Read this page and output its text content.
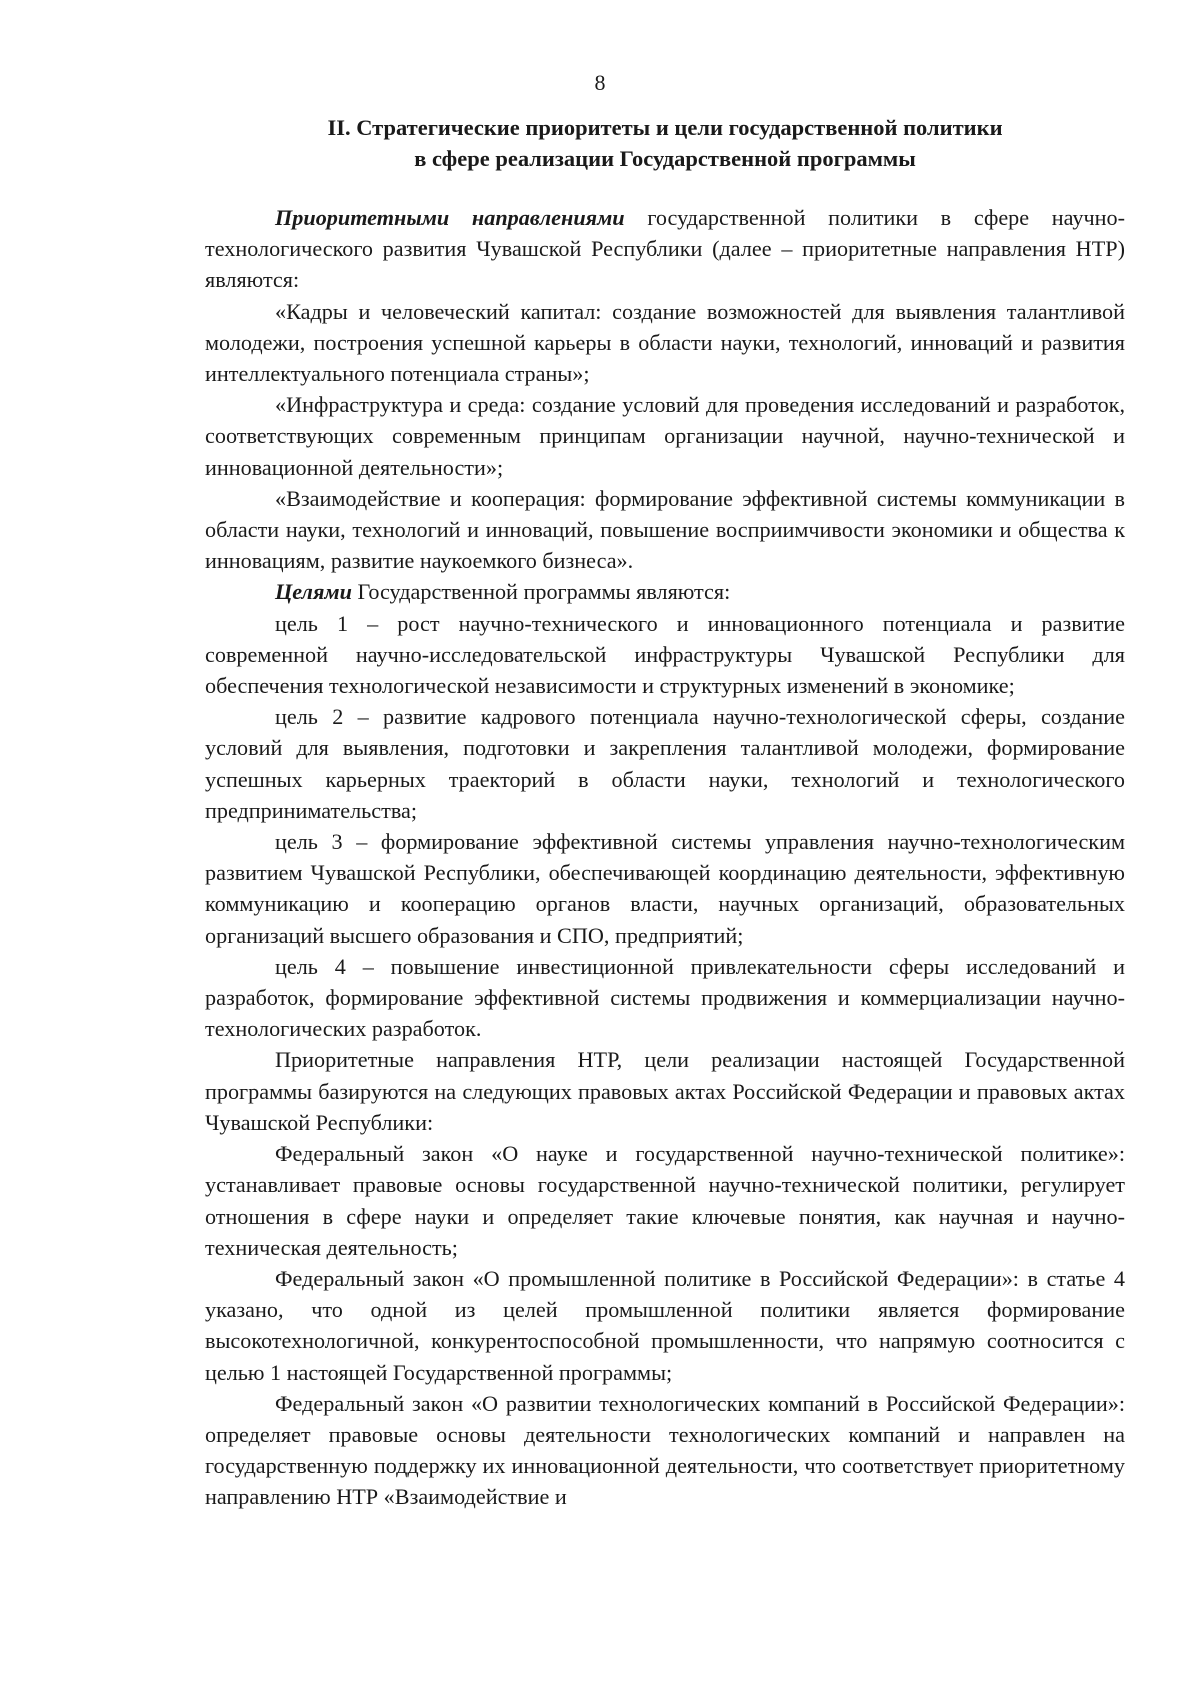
8
II. Стратегические приоритеты и цели государственной политики
в сфере реализации Государственной программы

Приоритетными направлениями государственной политики в сфере научно-технологического развития Чувашской Республики (далее – приоритетные направления НТР) являются:

«Кадры и человеческий капитал: создание возможностей для выявления талантливой молодежи, построения успешной карьеры в области науки, технологий, инноваций и развития интеллектуального потенциала страны»;

«Инфраструктура и среда: создание условий для проведения исследований и разработок, соответствующих современным принципам организации научной, научно-технической и инновационной деятельности»;

«Взаимодействие и кооперация: формирование эффективной системы коммуникации в области науки, технологий и инноваций, повышение восприимчивости экономики и общества к инновациям, развитие наукоемкого бизнеса».

Целями Государственной программы являются:

цель 1 – рост научно-технического и инновационного потенциала и развитие современной научно-исследовательской инфраструктуры Чувашской Республики для обеспечения технологической независимости и структурных изменений в экономике;

цель 2 – развитие кадрового потенциала научно-технологической сферы, создание условий для выявления, подготовки и закрепления талантливой молодежи, формирование успешных карьерных траекторий в области науки, технологий и технологического предпринимательства;

цель 3 – формирование эффективной системы управления научно-технологическим развитием Чувашской Республики, обеспечивающей координацию деятельности, эффективную коммуникацию и кооперацию органов власти, научных организаций, образовательных организаций высшего образования и СПО, предприятий;

цель 4 – повышение инвестиционной привлекательности сферы исследований и разработок, формирование эффективной системы продвижения и коммерциализации научно-технологических разработок.

Приоритетные направления НТР, цели реализации настоящей Государственной программы базируются на следующих правовых актах Российской Федерации и правовых актах Чувашской Республики:

Федеральный закон «О науке и государственной научно-технической политике»: устанавливает правовые основы государственной научно-технической политики, регулирует отношения в сфере науки и определяет такие ключевые понятия, как научная и научно-техническая деятельность;

Федеральный закон «О промышленной политике в Российской Федерации»: в статье 4 указано, что одной из целей промышленной политики является формирование высокотехнологичной, конкурентоспособной промышленности, что напрямую соотносится с целью 1 настоящей Государственной программы;

Федеральный закон «О развитии технологических компаний в Российской Федерации»: определяет правовые основы деятельности технологических компаний и направлен на государственную поддержку их инновационной деятельности, что соответствует приоритетному направлению НТР «Взаимодействие и
